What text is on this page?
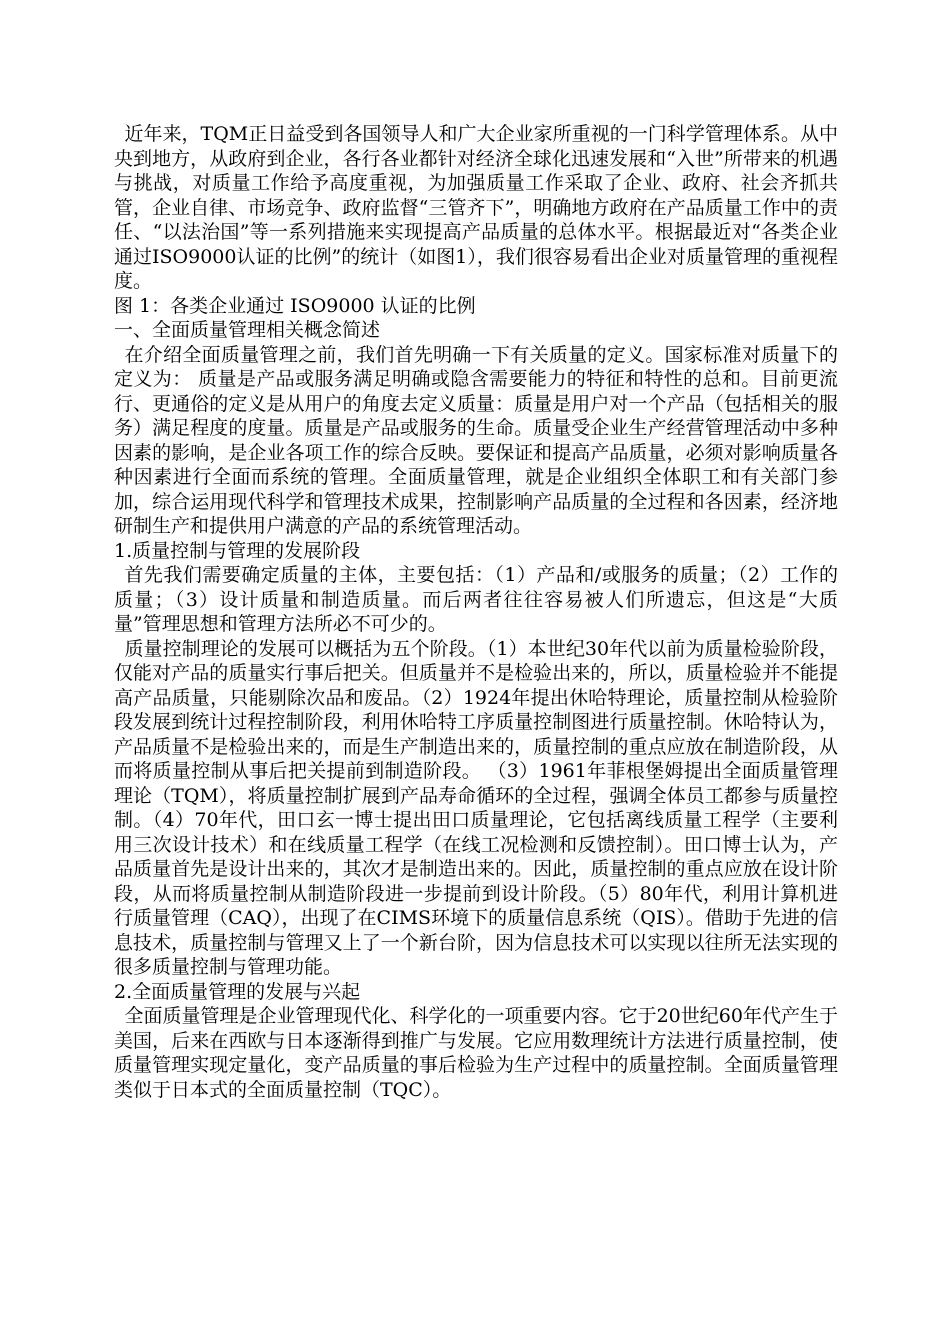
近年来，TQM正日益受到各国领导人和广大企业家所重视的一门科学管理体系。从中央到地方，从政府到企业，各行各业都针对经济全球化迅速发展和“入世”所带来的机遇与挑战，对质量工作给予高度重视，为加强质量工作采取了企业、政府、社会齐抓共管，企业自律、市场竞争、政府监督“三管齐下”，明确地方政府在产品质量工作中的责任、“以法治国”等一系列措施来实现提高产品质量的总体水平。根据最近对“各类企业通过ISO9000认证的比例”的统计（如图1），我们很容易看出企业对质量管理的重视程度。

图 1：各类企业通过 ISO9000 认证的比例

一、全面质量管理相关概念简述

在介绍全面质量管理之前，我们首先明确一下有关质量的定义。国家标准对质量下的定义为： 质量是产品或服务满足明确或隐含需要能力的特征和特性的总和。目前更流行、更通俗的定义是从用户的角度去定义质量：质量是用户对一个产品（包括相关的服务）满足程度的度量。质量是产品或服务的生命。质量受企业生产经营管理活动中多种因素的影响，是企业各项工作的综合反映。要保证和提高产品质量，必须对影响质量各种因素进行全面而系统的管理。全面质量管理，就是企业组织全体职工和有关部门参加，综合运用现代科学和管理技术成果，控制影响产品质量的全过程和各因素，经济地研制生产和提供用户满意的产品的系统管理活动。

1.质量控制与管理的发展阶段

首先我们需要确定质量的主体，主要包括：（1）产品和/或服务的质量；（2）工作的质量；（3）设计质量和制造质量。而后两者往往容易被人们所遗忘，但这是“大质量”管理思想和管理方法所必不可少的。

质量控制理论的发展可以概括为五个阶段。（1）本世纪30年代以前为质量检验阶段，仅能对产品的质量实行事后把关。但质量并不是检验出来的，所以，质量检验并不能提高产品质量，只能剔除次品和废品。（2）1924年提出休哈特理论，质量控制从检验阶段发展到统计过程控制阶段，利用休哈特工序质量控制图进行质量控制。休哈特认为，产品质量不是检验出来的，而是生产制造出来的，质量控制的重点应放在制造阶段，从而将质量控制从事后把关提前到制造阶段。 （3）1961年菲根堡姆提出全面质量管理理论（TQM），将质量控制扩展到产品寿命循环的全过程，强调全体员工都参与质量控制。（4）70年代，田口玄一博士提出田口质量理论，它包括离线质量工程学（主要利用三次设计技术）和在线质量工程学（在线工况检测和反馈控制）。田口博士认为，产品质量首先是设计出来的，其次才是制造出来的。因此，质量控制的重点应放在设计阶段，从而将质量控制从制造阶段进一步提前到设计阶段。（5）80年代，利用计算机进行质量管理（CAQ），出现了在CIMS环境下的质量信息系统（QIS）。借助于先进的信息技术，质量控制与管理又上了一个新台阶，因为信息技术可以实现以往所无法实现的很多质量控制与管理功能。

2.全面质量管理的发展与兴起

全面质量管理是企业管理现代化、科学化的一项重要内容。它于20世纪60年代产生于美国，后来在西欧与日本逐渐得到推广与发展。它应用数理统计方法进行质量控制，使质量管理实现定量化，变产品质量的事后检验为生产过程中的质量控制。全面质量管理类似于日本式的全面质量控制（TQC）。
